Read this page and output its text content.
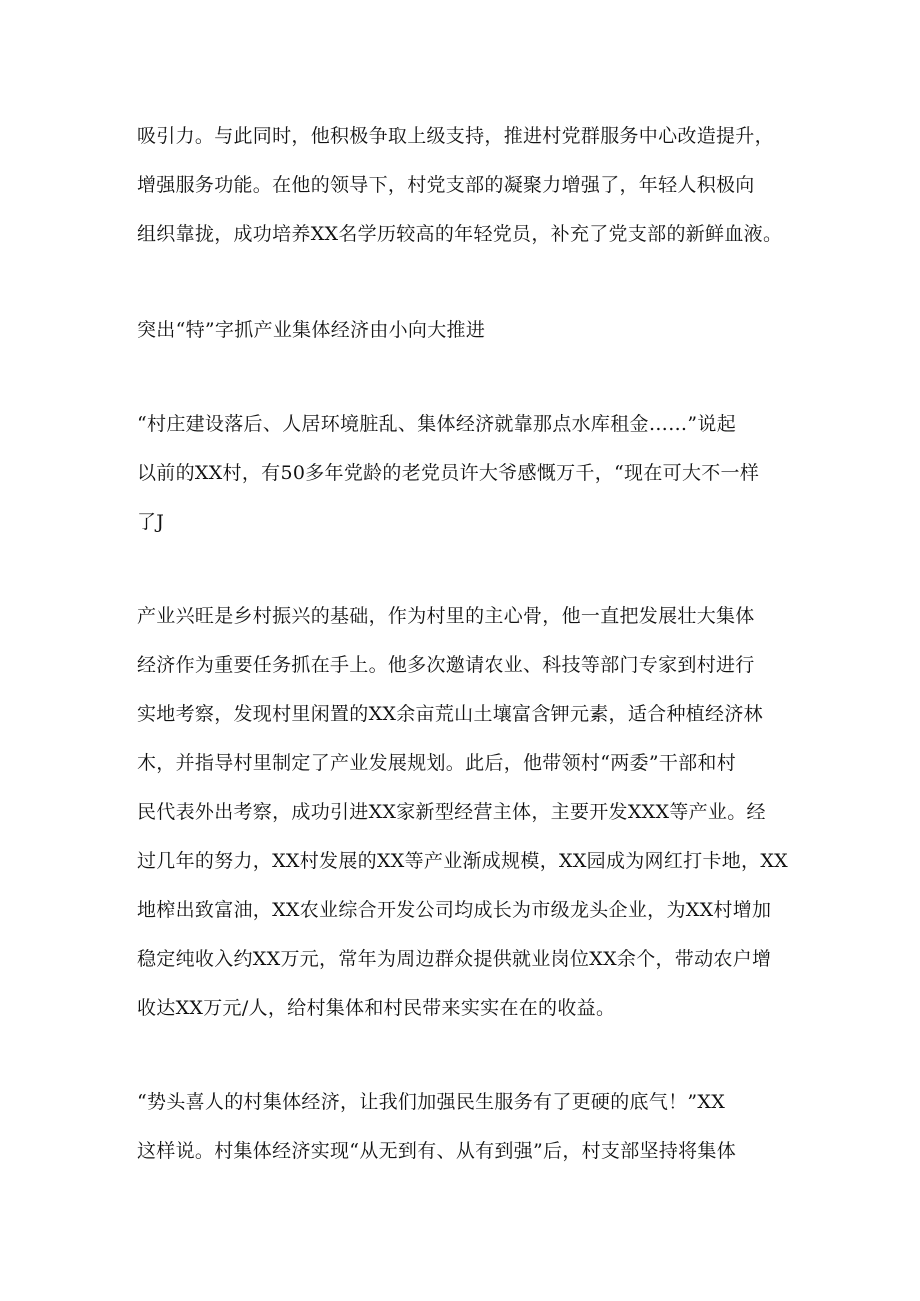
吸引力。与此同时，他积极争取上级支持，推进村党群服务中心改造提升，
增强服务功能。在他的领导下，村党支部的凝聚力增强了，年轻人积极向
组织靠拢，成功培养XX名学历较高的年轻党员，补充了党支部的新鲜血液。
突出“特”字抓产业集体经济由小向大推进
“村庄建设落后、人居环境脏乱、集体经济就靠那点水库租金……”说起
以前的XX村，有50多年党龄的老党员许大爷感慨万千，“现在可大不一样
了J
产业兴旺是乡村振兴的基础，作为村里的主心骨，他一直把发展壮大集体
经济作为重要任务抓在手上。他多次邀请农业、科技等部门专家到村进行
实地考察，发现村里闲置的XX余亩荒山土壤富含钾元素，适合种植经济林
木，并指导村里制定了产业发展规划。此后，他带领村“两委”干部和村
民代表外出考察，成功引进XX家新型经营主体，主要开发XXX等产业。经
过几年的努力，XX村发展的XX等产业渐成规模，XX园成为网红打卡地，XX
地榨出致富油，XX农业综合开发公司均成长为市级龙头企业，为XX村增加
稳定纯收入约XX万元，常年为周边群众提供就业岗位XX余个，带动农户增
收达XX万元/人，给村集体和村民带来实实在在的收益。
“势头喜人的村集体经济，让我们加强民生服务有了更硬的底气！”XX
这样说。村集体经济实现“从无到有、从有到强”后，村支部坚持将集体
